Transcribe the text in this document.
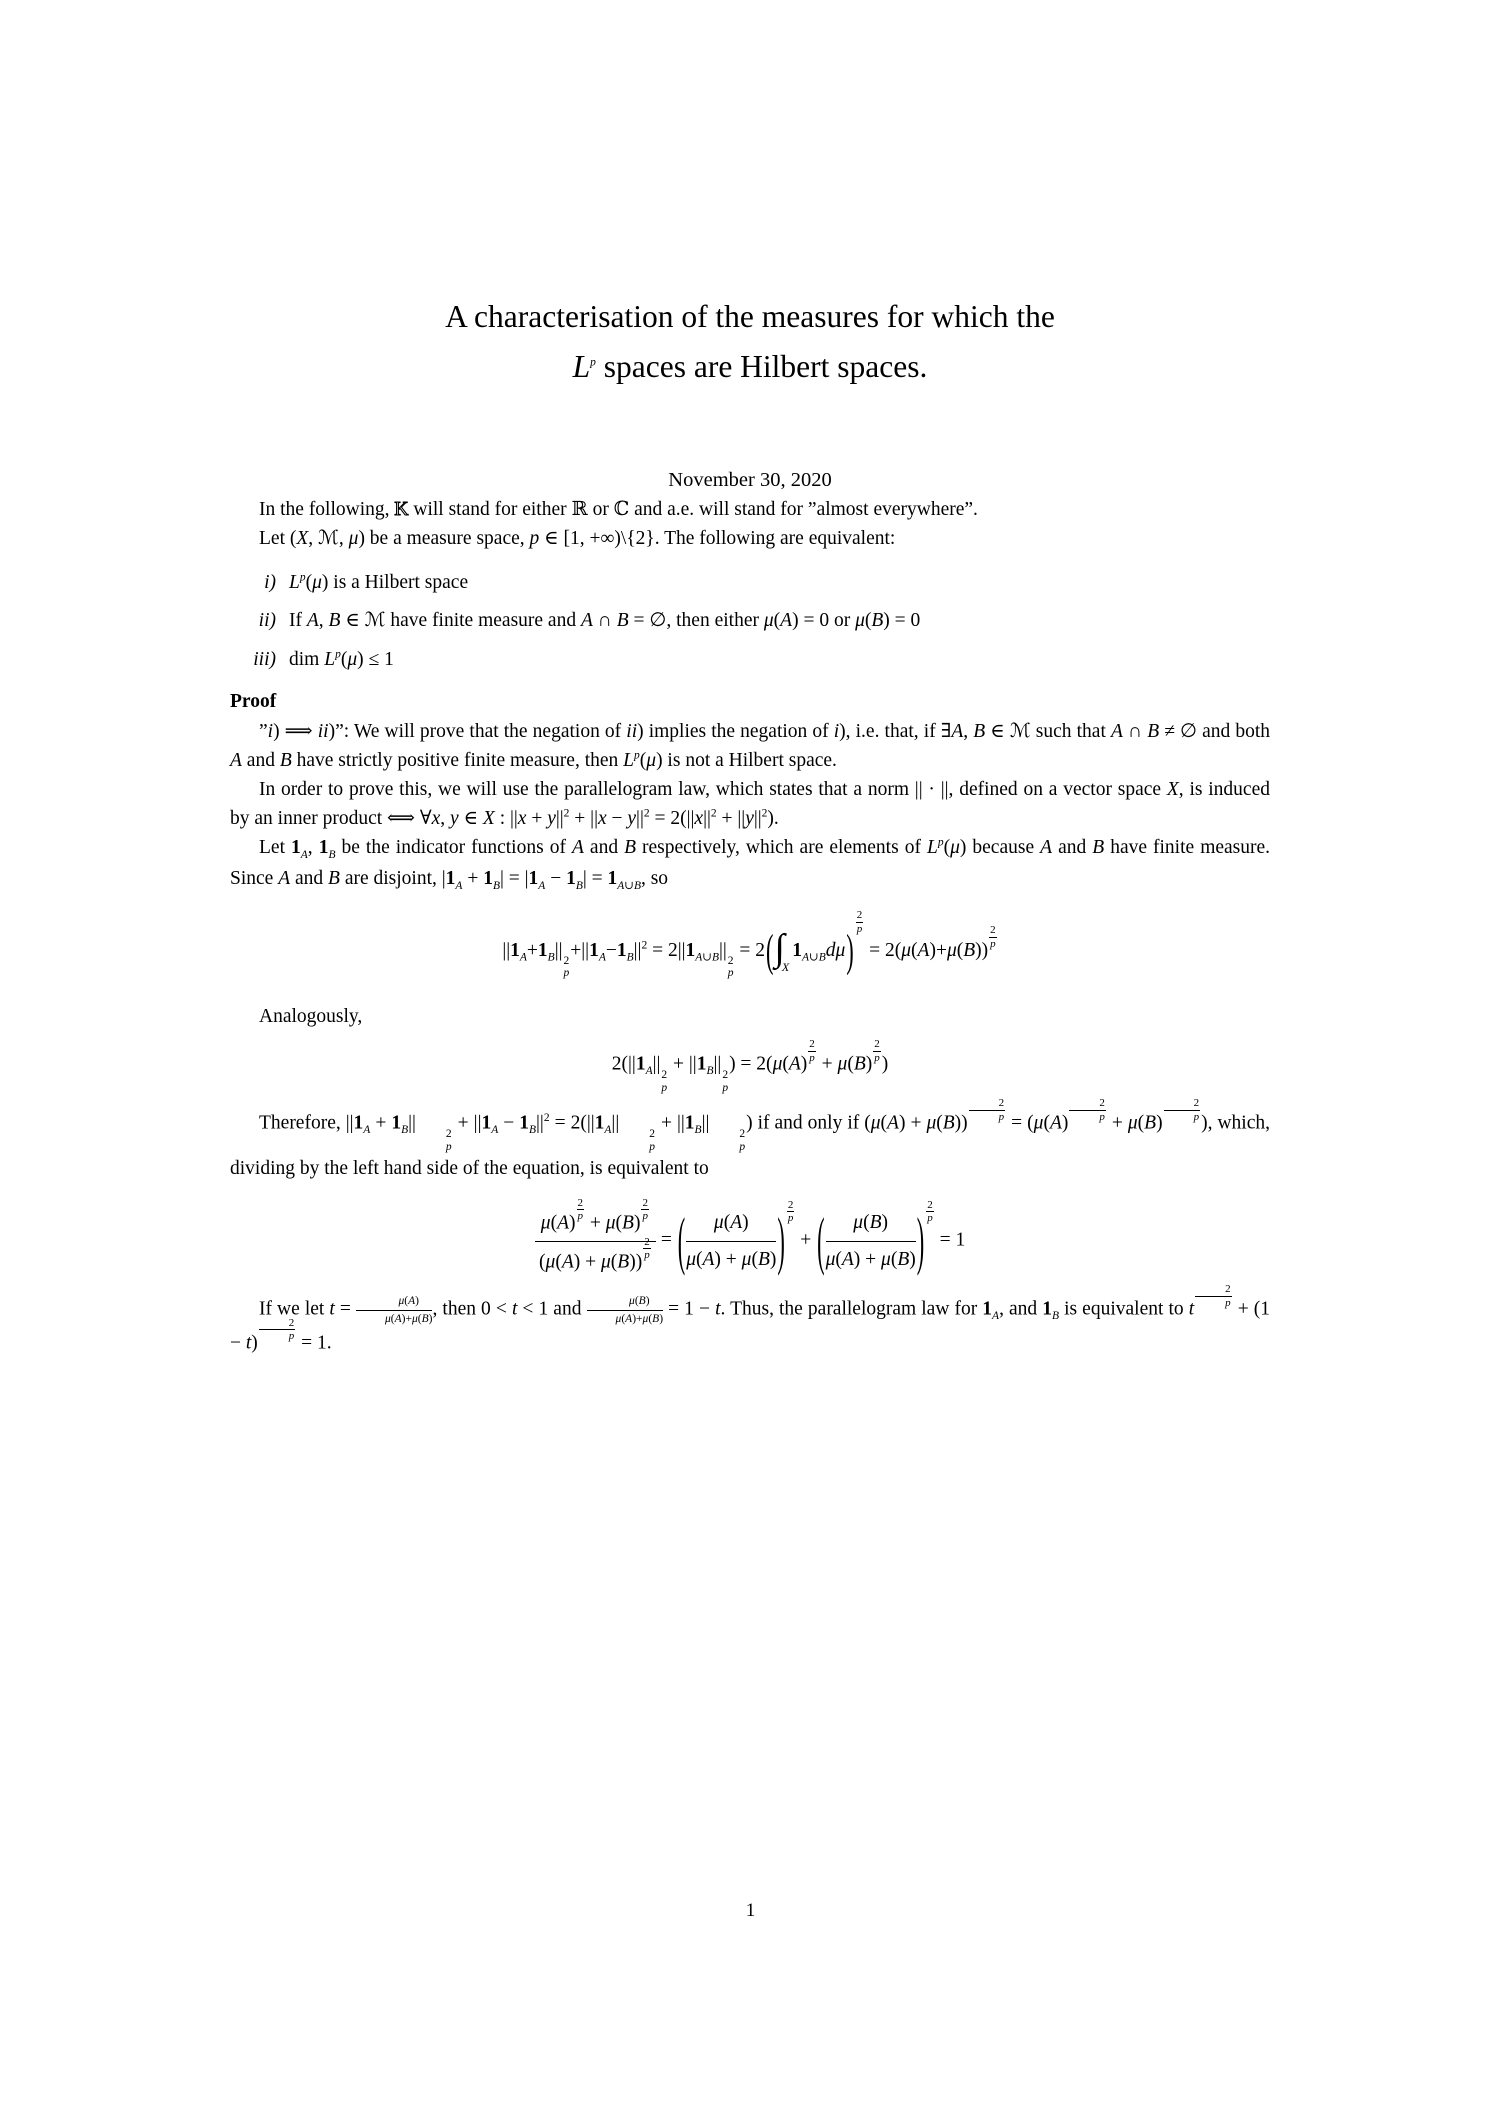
A characterisation of the measures for which the
$L^p$ spaces are Hilbert spaces.
November 30, 2020

In the following, K will stand for either ℝ or ℂ and a.e. will stand for ”almost everywhere”.

Let (X, ℳ, μ) be a measure space, p ∈ [1, +∞)\{2}. The following are equivalent:

i) $L^p(\mu)$ is a Hilbert space
ii) If A, B ∈ ℳ have finite measure and A ∩ B = ∅, then either μ(A) = 0 or μ(B) = 0
iii) dim $L^p(\mu) \le 1$
Proof

”i) ⟹ ii)”: We will prove that the negation of ii) implies the negation of i), i.e. that, if ∃A, B ∈ ℳ such that A ∩ B ≠ ∅ and both A and B have strictly positive finite measure, then $L^p(\mu)$ is not a Hilbert space.

In order to prove this, we will use the parallelogram law, which states that a norm || · ||, defined on a vector space X, is induced by an inner product ⟺ ∀x, y ∈ X : $||x + y||^2 + ||x - y||^2 = 2(||x||^2 + ||y||^2)$.

Let $1_A$, $1_B$ be the indicator functions of A and B respectively, which are elements of $L^p(\mu)$ because A and B have finite measure. Since A and B are disjoint, $|1_A + 1_B| = |1_A - 1_B| = 1_{A\cup B}$, so

$||1_A+1_B||$ 2
p
$+||1_A-1_B||^2 = 2||1_{A\cup B}||$ 2
p
= $2(\int_X1_{A\cup B}d\mu)$
$\frac{2}{p}$
= 2(μ(A)+μ(B))
$\frac{2}{p}$

Analogously,

$2(||1_A||$ 2
p
+ $||1_B||$ 2
p
) = 2(μ(A)
$\frac{2}{p}$
+ μ(B)
$\frac{2}{p}$
)

Therefore, $||1_A + 1_B||$	2
p
+ $||1_A - 1_B||^2 = 2(||1_A||$	2
p
+ $||1_B||$	2
p
) if and only if (μ(A) + μ(B))
$\frac{2}{p}$
= (μ(A)
$\frac{2}{p}$
+ μ(B)
$\frac{2}{p}$
), which, dividing by the left hand side of the equation, is equivalent to

μ(A)
$\frac{2}{p}$
+ μ(B)
$\frac{2}{p}$
(μ(A) + μ(B))
$\frac{2}{p}$ = ( $\frac{\mu(A)}{\mu(A) + \mu(B)}$ ) $\frac{2}{p}$
+ ( $\frac{\mu(B)}{\mu(A) + \mu(B)}$ ) $\frac{2}{p}$
= 1

If we let $t = \frac{\mu(A)}{\mu(A)+\mu(B)}$ , then 0 < t < 1 and $\frac{\mu(B)}{\mu(A)+\mu(B)} = 1 - t$. Thus, the parallelogram law for $1_A$, and $1_B$ is equivalent to t
$\frac{2}{p}$
+ (1 − t)
$\frac{2}{p}$
= 1.

1
